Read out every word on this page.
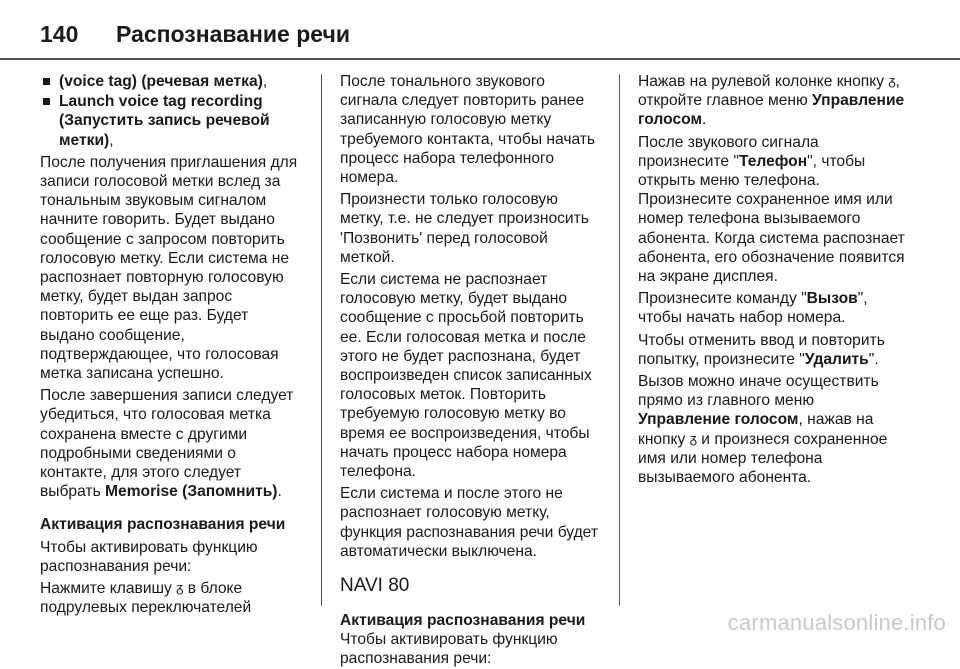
140	Распознавание речи
(voice tag) (речевая метка),
Launch voice tag recording (Запустить запись речевой метки),

После получения приглашения для записи голосовой метки вслед за тональным звуковым сигналом начните говорить. Будет выдано сообщение с запросом повторить голосовую метку. Если система не распознает повторную голосовую метку, будет выдан запрос повторить ее еще раз. Будет выдано сообщение, подтверждающее, что голосовая метка записана успешно.

После завершения записи следует убедиться, что голосовая метка сохранена вместе с другими подробными сведениями о контакте, для этого следует выбрать Memorise (Запомнить).

Активация распознавания речи

Чтобы активировать функцию распознавания речи:

Нажмите клавишу ᵹ в блоке подрулевых переключателей

После тонального звукового сигнала следует повторить ранее записанную голосовую метку требуемого контакта, чтобы начать процесс набора телефонного номера.

Произнести только голосовую метку, т.е. не следует произносить 'Позвонить' перед голосовой меткой.

Если система не распознает голосовую метку, будет выдано сообщение с просьбой повторить ее. Если голосовая метка и после этого не будет распознана, будет воспроизведен список записанных голосовых меток. Повторить требуемую голосовую метку во время ее воспроизведения, чтобы начать процесс набора номера телефона.

Если система и после этого не распознает голосовую метку, функция распознавания речи будет автоматически выключена.

NAVI 80
Активация распознавания речи

Чтобы активировать функцию распознавания речи:

Нажав на рулевой колонке кнопку ᵹ, откройте главное меню Управление голосом.

После звукового сигнала произнесите "Телефон", чтобы открыть меню телефона. Произнесите сохраненное имя или номер телефона вызываемого абонента. Когда система распознает абонента, его обозначение появится на экране дисплея.

Произнесите команду "Вызов", чтобы начать набор номера.

Чтобы отменить ввод и повторить попытку, произнесите "Удалить".

Вызов можно иначе осуществить прямо из главного меню Управление голосом, нажав на кнопку ᵹ и произнеся сохраненное имя или номер телефона вызываемого абонента.

carmanualsonline.info
